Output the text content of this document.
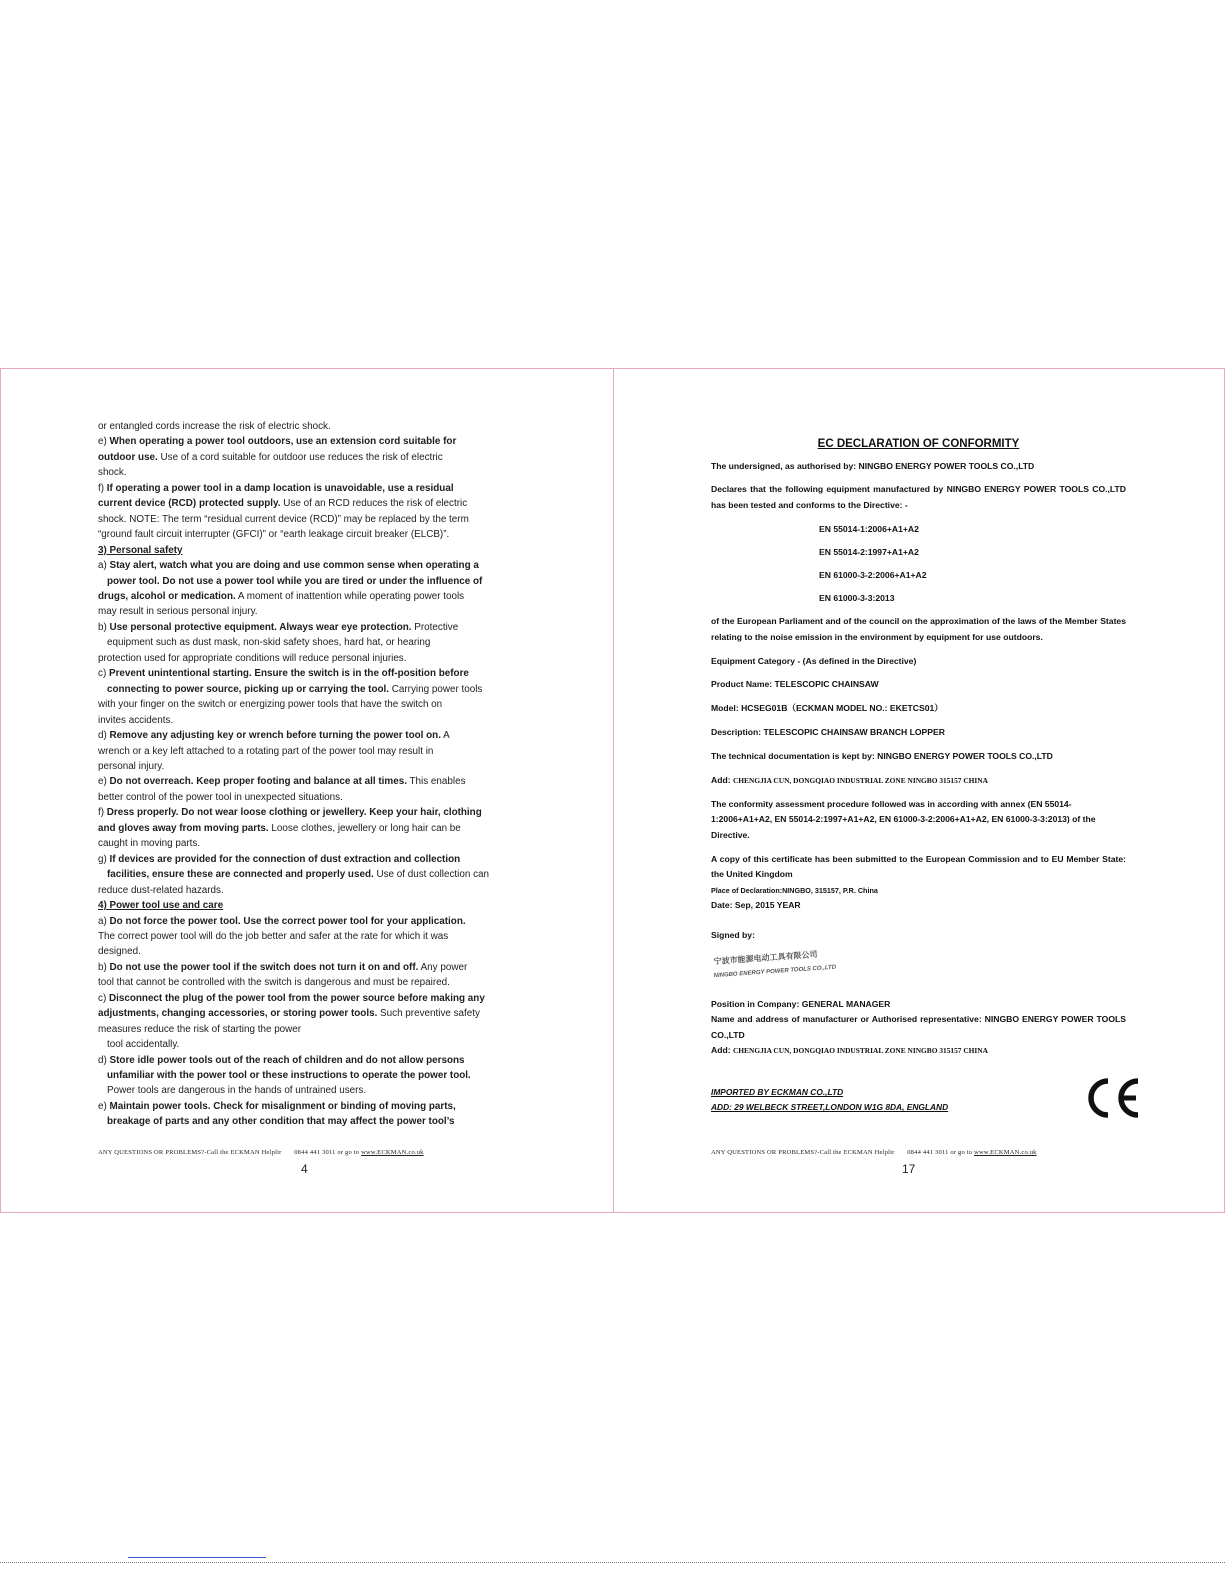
or entangled cords increase the risk of electric shock.

e) When operating a power tool outdoors, use an extension cord suitable for

outdoor use. Use of a cord suitable for outdoor use reduces the risk of electric

shock.

f) If operating a power tool in a damp location is unavoidable, use a residual

current device (RCD) protected supply. Use of an RCD reduces the risk of electric

shock. NOTE: The term “residual current device (RCD)” may be replaced by the term

“ground fault circuit interrupter (GFCI)” or “earth leakage circuit breaker (ELCB)”.

3) Personal safety

a) Stay alert, watch what you are doing and use common sense when operating a

power tool. Do not use a power tool while you are tired or under the influence of

drugs, alcohol or medication. A moment of inattention while operating power tools

may result in serious personal injury.

b) Use personal protective equipment. Always wear eye protection. Protective

equipment such as dust mask, non-skid safety shoes, hard hat, or hearing

protection used for appropriate conditions will reduce personal injuries.

c) Prevent unintentional starting. Ensure the switch is in the off-position before

connecting to power source, picking up or carrying the tool. Carrying power tools

with your finger on the switch or energizing power tools that have the switch on

invites accidents.

d) Remove any adjusting key or wrench before turning the power tool on. A

wrench or a key left attached to a rotating part of the power tool may result in

personal injury.

e) Do not overreach. Keep proper footing and balance at all times. This enables

better control of the power tool in unexpected situations.

f) Dress properly. Do not wear loose clothing or jewellery. Keep your hair, clothing

and gloves away from moving parts. Loose clothes, jewellery or long hair can be

caught in moving parts.

g) If devices are provided for the connection of dust extraction and collection

facilities, ensure these are connected and properly used. Use of dust collection can

reduce dust-related hazards.

4) Power tool use and care

a) Do not force the power tool. Use the correct power tool for your application.

The correct power tool will do the job better and safer at the rate for which it was

designed.

b) Do not use the power tool if the switch does not turn it on and off. Any power

tool that cannot be controlled with the switch is dangerous and must be repaired.

c) Disconnect the plug of the power tool from the power source before making any

adjustments, changing accessories, or storing power tools. Such preventive safety

measures reduce the risk of starting the power

tool accidentally.

d) Store idle power tools out of the reach of children and do not allow persons

unfamiliar with the power tool or these instructions to operate the power tool.

Power tools are dangerous in the hands of untrained users.

e) Maintain power tools. Check for misalignment or binding of moving parts,

breakage of parts and any other condition that may affect the power tool’s

ANY QUESTIONS OR PROBLEMS?-Call the ECKMAN Helplir 0844 441 3011 or go to www.ECKMAN.co.uk
4

EC DECLARATION OF CONFORMITY

The undersigned, as authorised by: NINGBO ENERGY POWER TOOLS CO.,LTD

Declares that the following equipment manufactured by NINGBO ENERGY POWER TOOLS CO.,LTD has been tested and conforms to the Directive: -

EN 55014-1:2006+A1+A2

EN 55014-2:1997+A1+A2

EN 61000-3-2:2006+A1+A2

EN 61000-3-3:2013

of the European Parliament and of the council on the approximation of the laws of the Member States relating to the noise emission in the environment by equipment for use outdoors.

Equipment Category - (As defined in the Directive)

Product Name: TELESCOPIC CHAINSAW

Model: HCSEG01B（ECKMAN MODEL NO.: EKETCS01）

Description: TELESCOPIC CHAINSAW BRANCH LOPPER

The technical documentation is kept by: NINGBO ENERGY POWER TOOLS CO.,LTD

Add: CHENGJIA CUN, DONGQIAO INDUSTRIAL ZONE NINGBO 315157 CHINA

The conformity assessment procedure followed was in according with annex (EN 55014-1:2006+A1+A2, EN 55014-2:1997+A1+A2, EN 61000-3-2:2006+A1+A2, EN 61000-3-3:2013) of the Directive.

A copy of this certificate has been submitted to the European Commission and to EU Member State: the United Kingdom

Place of Declaration:NINGBO, 315157, P.R. China

Date: Sep, 2015 YEAR

Signed by:

宁波市能源电动工具有限公司
NINGBO ENERGY POWER TOOLS CO.,LTD

Position in Company: GENERAL MANAGER

Name and address of manufacturer or Authorised representative: NINGBO ENERGY POWER TOOLS CO.,LTD

Add: CHENGJIA CUN, DONGQIAO INDUSTRIAL ZONE NINGBO 315157 CHINA

IMPORTED BY ECKMAN CO.,LTD
ADD: 29 WELBECK STREET,LONDON W1G 8DA, ENGLAND
ANY QUESTIONS OR PROBLEMS?-Call the ECKMAN Helplir 0844 441 3011 or go to www.ECKMAN.co.uk
17
